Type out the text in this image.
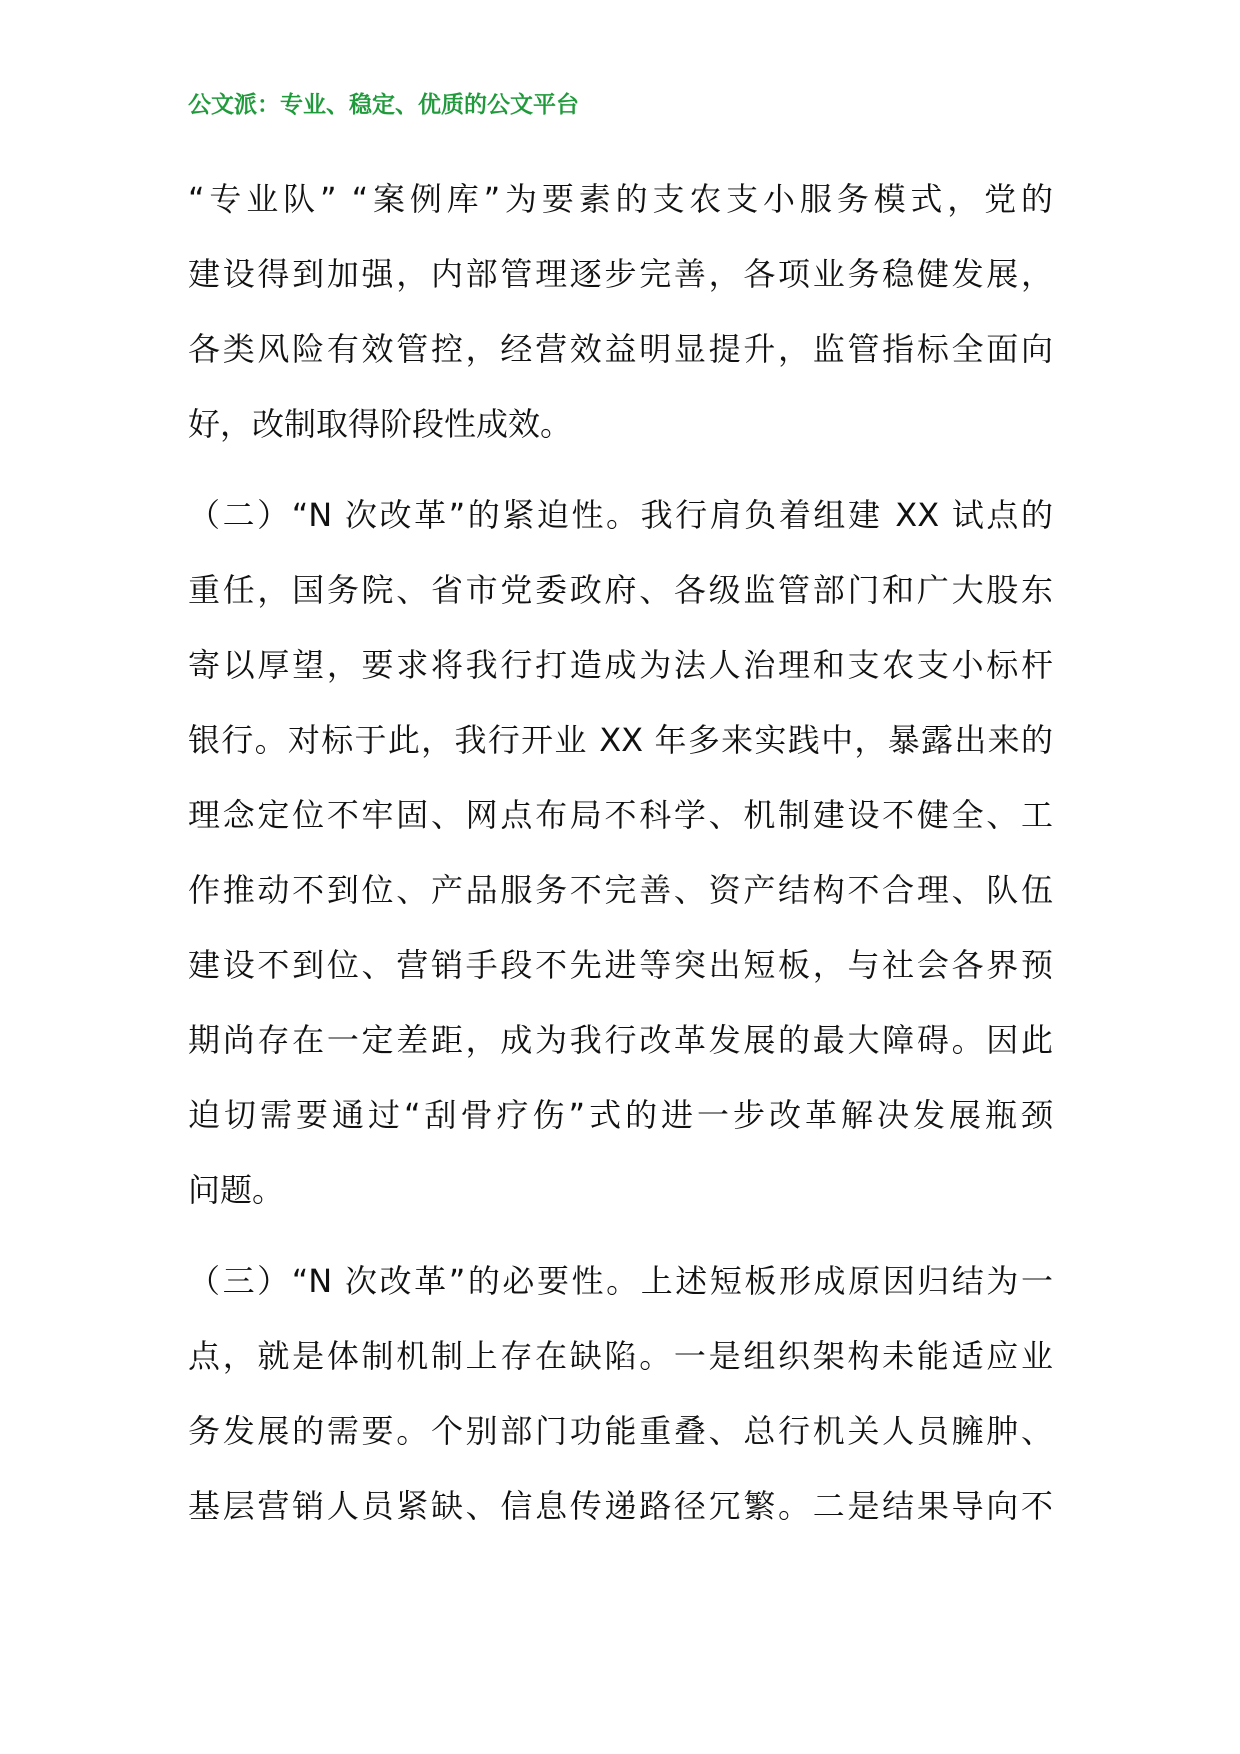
公文派：专业、稳定、优质的公文平台
“专业队” “案例库”为要素的支农支小服务模式，党的
建设得到加强，内部管理逐步完善，各项业务稳健发展，
各类风险有效管控，经营效益明显提升，监管指标全面向
好，改制取得阶段性成效。
（二）“N 次改革”的紧迫性。我行肩负着组建 XX 试点的
重任，国务院、省市党委政府、各级监管部门和广大股东
寄以厚望，要求将我行打造成为法人治理和支农支小标杆
银行。对标于此，我行开业 XX 年多来实践中，暴露出来的
理念定位不牢固、网点布局不科学、机制建设不健全、工
作推动不到位、产品服务不完善、资产结构不合理、队伍
建设不到位、营销手段不先进等突出短板，与社会各界预
期尚存在一定差距，成为我行改革发展的最大障碍。因此
迫切需要通过“刮骨疗伤”式的进一步改革解决发展瓶颈
问题。
（三）“N 次改革”的必要性。上述短板形成原因归结为一
点，就是体制机制上存在缺陷。一是组织架构未能适应业
务发展的需要。个别部门功能重叠、总行机关人员臃肿、
基层营销人员紧缺、信息传递路径冗繁。二是结果导向不
